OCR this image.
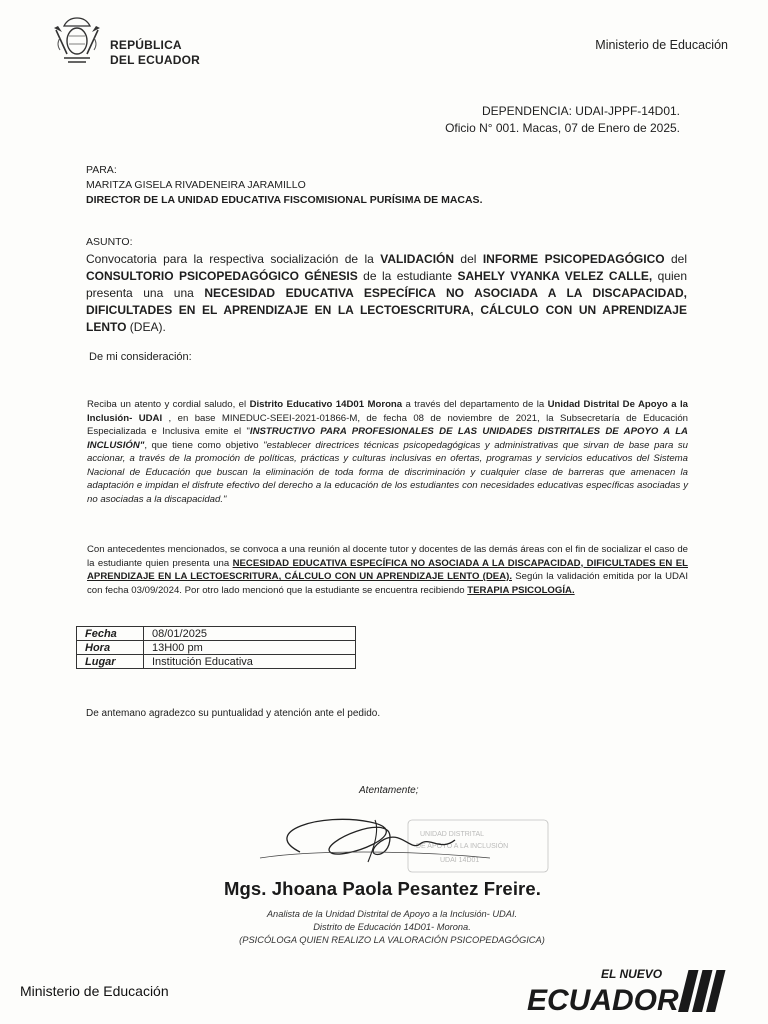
REPÚBLICA
DEL ECUADOR
Ministerio de Educación
DEPENDENCIA: UDAI-JPPF-14D01.
Oficio N° 001. Macas, 07 de Enero de 2025.
PARA:
MARITZA GISELA RIVADENEIRA JARAMILLO
DIRECTOR DE LA UNIDAD EDUCATIVA FISCOMISIONAL PURÍSIMA DE MACAS.
ASUNTO:
Convocatoria para la respectiva socialización de la VALIDACIÓN del INFORME PSICOPEDAGÓGICO del CONSULTORIO PSICOPEDAGÓGICO GÉNESIS de la estudiante SAHELY VYANKA VELEZ CALLE, quien presenta una una NECESIDAD EDUCATIVA ESPECÍFICA NO ASOCIADA A LA DISCAPACIDAD, DIFICULTADES EN EL APRENDIZAJE EN LA LECTOESCRITURA, CÁLCULO CON UN APRENDIZAJE LENTO (DEA).
De mi consideración:
Reciba un atento y cordial saludo, el Distrito Educativo 14D01 Morona a través del departamento de la Unidad Distrital De Apoyo a la Inclusión- UDAI , en base MINEDUC-SEEI-2021-01866-M, de fecha 08 de noviembre de 2021, la Subsecretaría de Educación Especializada e Inclusiva emite el "INSTRUCTIVO PARA PROFESIONALES DE LAS UNIDADES DISTRITALES DE APOYO A LA INCLUSIÓN", que tiene como objetivo "establecer directrices técnicas psicopedagógicas y administrativas que sirvan de base para su accionar, a través de la promoción de políticas, prácticas y culturas inclusivas en ofertas, programas y servicios educativos del Sistema Nacional de Educación que buscan la eliminación de toda forma de discriminación y cualquier clase de barreras que amenacen la adaptación e impidan el disfrute efectivo del derecho a la educación de los estudiantes con necesidades educativas específicas asociadas y no asociadas a la discapacidad."
Con antecedentes mencionados, se convoca a una reunión al docente tutor y docentes de las demás áreas con el fin de socializar el caso de la estudiante quien presenta una NECESIDAD EDUCATIVA ESPECÍFICA NO ASOCIADA A LA DISCAPACIDAD, DIFICULTADES EN EL APRENDIZAJE EN LA LECTOESCRITURA, CÁLCULO CON UN APRENDIZAJE LENTO (DEA). Según la validación emitida por la UDAI con fecha 03/09/2024. Por otro lado mencionó que la estudiante se encuentra recibiendo TERAPIA PSICOLOGÍA.
Fecha	08/01/2025
Hora	13H00 pm
Lugar	Institución Educativa
De antemano agradezco su puntualidad y atención ante el pedido.
Atentamente;
UNIDAD DISTRITAL
DE APOYO A LA INCLUSIÓN
UDAI 14D01
Mgs. Jhoana Paola Pesantez Freire.
Analista de la Unidad Distrital de Apoyo a la Inclusión- UDAI.
Distrito de Educación 14D01- Morona.
(PSICÓLOGA QUIEN REALIZO LA VALORACIÓN PSICOPEDAGÓGICA)
Ministerio de Educación
EL NUEVO
ECUADOR
